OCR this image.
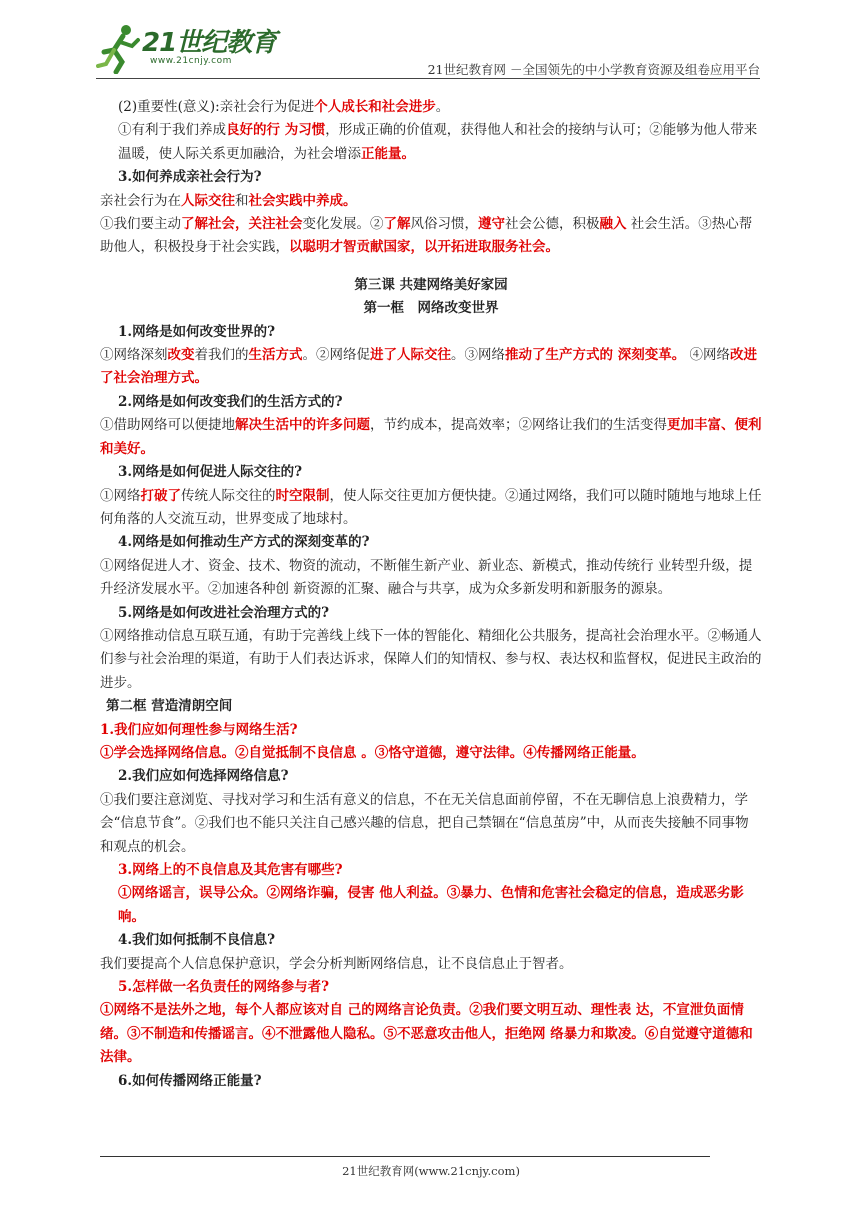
21世纪教育
www.21cnjy.com
21世纪教育网 －全国领先的中小学教育资源及组卷应用平台
(2)重要性(意义):亲社会行为促进个人成长和社会进步。
①有利于我们养成良好的行 为习惯，形成正确的价值观，获得他人和社会的接纳与认可；②能够为他人带来温暖，使人际关系更加融洽，为社会增添正能量。
3.如何养成亲社会行为?
亲社会行为在人际交往和社会实践中养成。
①我们要主动了解社会，关注社会变化发展。②了解风俗习惯，遵守社会公德，积极融入 社会生活。③热心帮助他人，积极投身于社会实践，以聪明才智贡献国家，以开拓进取服务社会。
第三课 共建网络美好家园
第一框　网络改变世界
1.网络是如何改变世界的?
①网络深刻改变着我们的生活方式。②网络促进了人际交往。③网络推动了生产方式的 深刻变革。 ④网络改进了社会治理方式。
2.网络是如何改变我们的生活方式的?
①借助网络可以便捷地解决生活中的许多问题，节约成本，提高效率；②网络让我们的生活变得更加丰富、便利和美好。
3.网络是如何促进人际交往的?
①网络打破了传统人际交往的时空限制，使人际交往更加方便快捷。②通过网络，我们可以随时随地与地球上任何角落的人交流互动，世界变成了地球村。
4.网络是如何推动生产方式的深刻变革的?
①网络促进人才、资金、技术、物资的流动，不断催生新产业、新业态、新模式，推动传统行 业转型升级，提升经济发展水平。②加速各种创 新资源的汇聚、融合与共享，成为众多新发明和新服务的源泉。
5.网络是如何改进社会治理方式的?
①网络推动信息互联互通，有助于完善线上线下一体的智能化、精细化公共服务，提高社会治理水平。②畅通人们参与社会治理的渠道，有助于人们表达诉求，保障人们的知情权、参与权、表达权和监督权，促进民主政治的进步。
第二框 营造清朗空间
1.我们应如何理性参与网络生活?
①学会选择网络信息。②自觉抵制不良信息 。③恪守道德，遵守法律。④传播网络正能量。
2.我们应如何选择网络信息?
①我们要注意浏览、寻找对学习和生活有意义的信息，不在无关信息面前停留，不在无聊信息上浪费精力，学会“信息节食”。②我们也不能只关注自己感兴趣的信息，把自己禁锢在“信息茧房”中，从而丧失接触不同事物和观点的机会。
3.网络上的不良信息及其危害有哪些?
①网络谣言，误导公众。②网络诈骗，侵害 他人利益。③暴力、色情和危害社会稳定的信息，造成恶劣影响。
4.我们如何抵制不良信息?
我们要提高个人信息保护意识，学会分析判断网络信息，让不良信息止于智者。
5.怎样做一名负责任的网络参与者?
①网络不是法外之地，每个人都应该对自 己的网络言论负责。②我们要文明互动、理性表 达，不宣泄负面情绪。③不制造和传播谣言。④不泄露他人隐私。⑤不恶意攻击他人，拒绝网 络暴力和欺凌。⑥自觉遵守道德和法律。
6.如何传播网络正能量?
21世纪教育网(www.21cnjy.com)
